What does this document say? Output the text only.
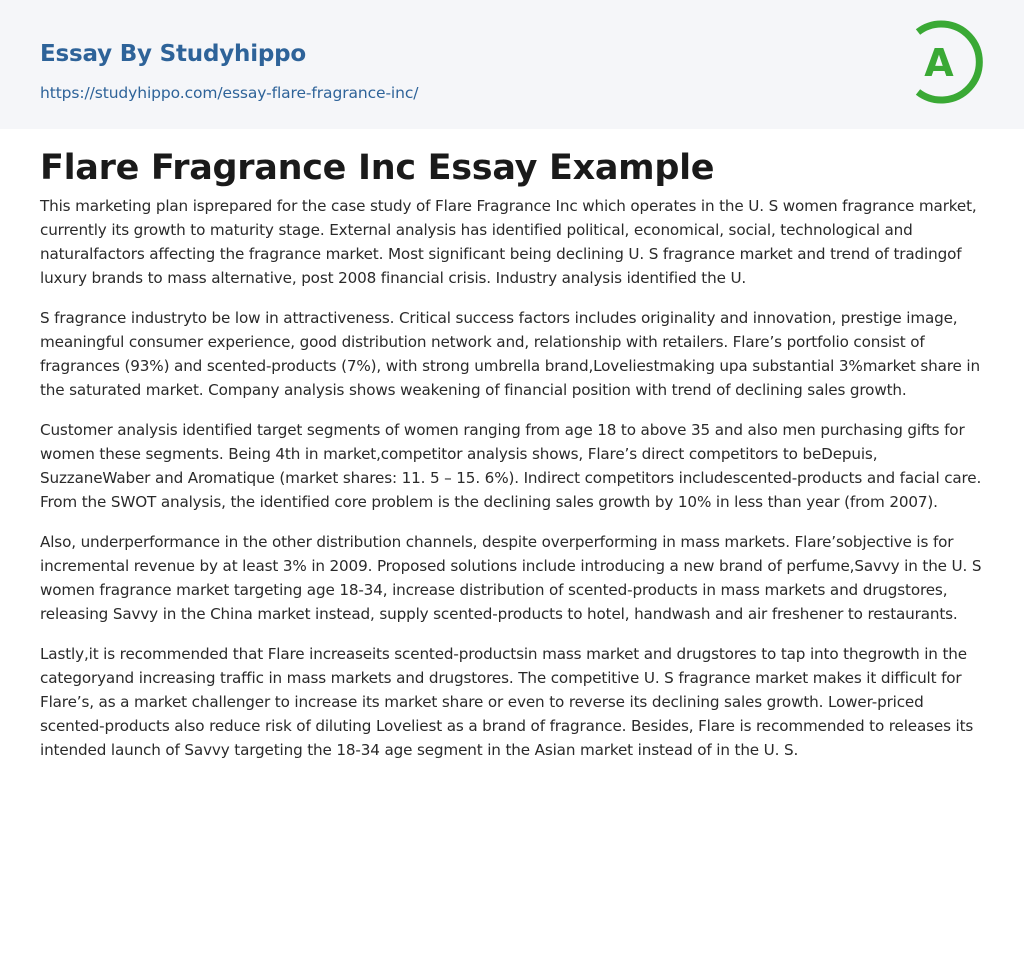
Essay By Studyhippo
https://studyhippo.com/essay-flare-fragrance-inc/
A
Flare Fragrance Inc Essay Example

This marketing plan isprepared for the case study of Flare Fragrance Inc which operates in the U. S women fragrance market, currently its growth to maturity stage. External analysis has identified political, economical, social, technological and naturalfactors affecting the fragrance market. Most significant being declining U. S fragrance market and trend of tradingof luxury brands to mass alternative, post 2008 financial crisis. Industry analysis identified the U.

S fragrance industryto be low in attractiveness. Critical success factors includes originality and innovation, prestige image, meaningful consumer experience, good distribution network and, relationship with retailers. Flare’s portfolio consist of fragrances (93%) and scented-products (7%), with strong umbrella brand,Loveliestmaking upa substantial 3%market share in the saturated market. Company analysis shows weakening of financial position with trend of declining sales growth.

Customer analysis identified target segments of women ranging from age 18 to above 35 and also men purchasing gifts for women these segments. Being 4th in market,competitor analysis shows, Flare’s direct competitors to beDepuis, SuzzaneWaber and Aromatique (market shares: 11. 5 – 15. 6%). Indirect competitors includescented-products and facial care. From the SWOT analysis, the identified core problem is the declining sales growth by 10% in less than year (from 2007).

Also, underperformance in the other distribution channels, despite overperforming in mass markets. Flare’sobjective is for incremental revenue by at least 3% in 2009. Proposed solutions include introducing a new brand of perfume,Savvy in the U. S women fragrance market targeting age 18-34, increase distribution of scented-products in mass markets and drugstores, releasing Savvy in the China market instead, supply scented-products to hotel, handwash and air freshener to restaurants.

Lastly,it is recommended that Flare increaseits scented-productsin mass market and drugstores to tap into thegrowth in the categoryand increasing traffic in mass markets and drugstores. The competitive U. S fragrance market makes it difficult for Flare’s, as a market challenger to increase its market share or even to reverse its declining sales growth. Lower-priced scented-products also reduce risk of diluting Loveliest as a brand of fragrance. Besides, Flare is recommended to releases its intended launch of Savvy targeting the 18-34 age segment in the Asian market instead of in the U. S.
